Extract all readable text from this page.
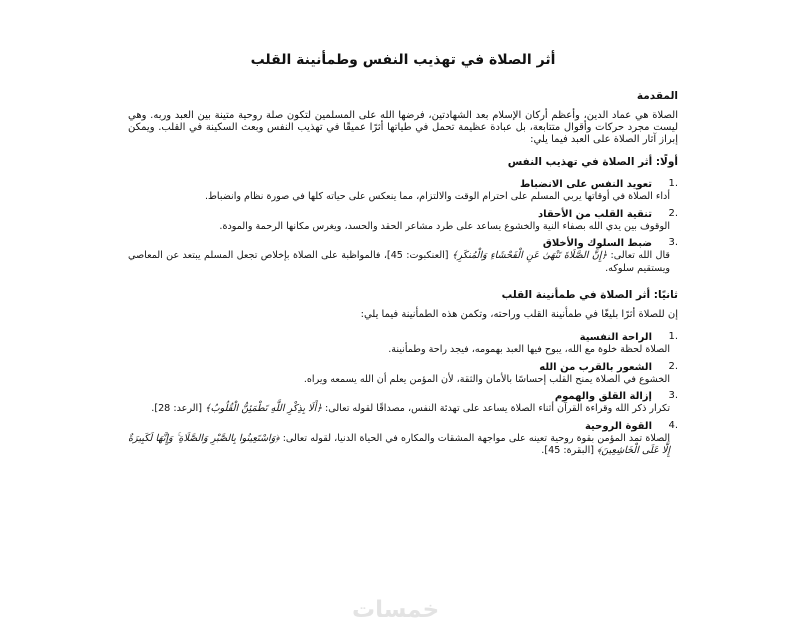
أثر الصلاة في تهذيب النفس وطمأنينة القلب
المقدمة

الصلاة هي عماد الدين، وأعظم أركان الإسلام بعد الشهادتين، فرضها الله على المسلمين لتكون صلة روحية متينة بين العبد وربه. وهي ليست مجرد حركات وأقوال متتابعة، بل عبادة عظيمة تحمل في طياتها أثرًا عميقًا في تهذيب النفس وبعث السكينة في القلب. ويمكن إبراز آثار الصلاة على العبد فيما يلي:

أولًا: أثر الصلاة في تهذيب النفس
1.
تعويد النفس على الانضباط
أداء الصلاة في أوقاتها يربي المسلم على احترام الوقت والالتزام، مما ينعكس على حياته كلها في صورة نظام وانضباط.
2.
تنقية القلب من الأحقاد
الوقوف بين يدي الله بصفاء النية والخشوع يساعد على طرد مشاعر الحقد والحسد، ويغرس مكانها الرحمة والمودة.
3.
ضبط السلوك والأخلاق
قال الله تعالى: ﴿إِنَّ الصَّلَاةَ تَنْهَىٰ عَنِ الْفَحْشَاءِ وَالْمُنكَرِ﴾ [العنكبوت: 45]، فالمواظبة على الصلاة بإخلاص تجعل المسلم يبتعد عن المعاصي ويستقيم سلوكه.
ثانيًا: أثر الصلاة في طمأنينة القلب

إن للصلاة أثرًا بليغًا في طمأنينة القلب وراحته، وتكمن هذه الطمأنينة فيما يلي:

1.
الراحة النفسية
الصلاة لحظة خلوة مع الله، يبوح فيها العبد بهمومه، فيجد راحة وطمأنينة.
2.
الشعور بالقرب من الله
الخشوع في الصلاة يمنح القلب إحساسًا بالأمان والثقة، لأن المؤمن يعلم أن الله يسمعه ويراه.
3.
إزالة القلق والهموم
تكرار ذكر الله وقراءة القرآن أثناء الصلاة يساعد على تهدئة النفس، مصداقًا لقوله تعالى: ﴿أَلَا بِذِكْرِ اللَّهِ تَطْمَئِنُّ الْقُلُوبُ﴾ [الرعد: 28].
4.
القوة الروحية
الصلاة تمد المؤمن بقوة روحية تعينه على مواجهة المشقات والمكاره في الحياة الدنيا، لقوله تعالى: ﴿وَاسْتَعِينُوا بِالصَّبْرِ وَالصَّلَاةِ ۚ وَإِنَّهَا لَكَبِيرَةٌ إِلَّا عَلَى الْخَاشِعِينَ﴾ [البقرة: 45].
خمسات
